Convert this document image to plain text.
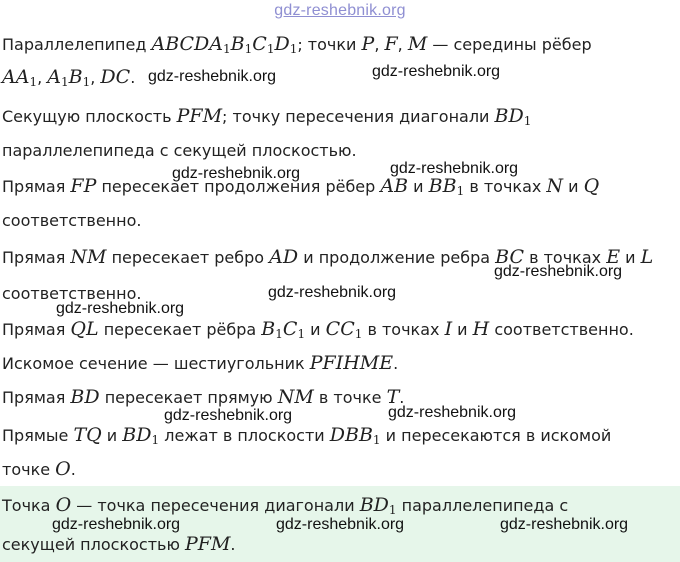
gdz-reshebnik.org
Параллелепипед $ABCDA_1B_1C_1D_1$; точки P, F, M — середины рёбер
$AA_1$, $A_1B_1$, DC.
Секущую плоскость PFM; точку пересечения диагонали $BD_1$
параллелепипеда с секущей плоскостью.
Прямая FP пересекает продолжения рёбер AB и $BB_1$ в точках N и Q
соответственно.
Прямая NM пересекает ребро AD и продолжение ребра BC в точках E и L
соответственно.
Прямая QL пересекает рёбра $B_1C_1$ и $CC_1$ в точках I и H соответственно.
Искомое сечение — шестиугольник PFIHME.
Прямая BD пересекает прямую NM в точке T.
Прямые TQ и $BD_1$ лежат в плоскости $DBB_1$ и пересекаются в искомой
точке O.
Точка O — точка пересечения диагонали $BD_1$ параллелепипеда с
секущей плоскостью PFM.
gdz-reshebnik.org	gdz-reshebnik.org
gdz-reshebnik.org
gdz-reshebnik.org
gdz-reshebnik.org
gdz-reshebnik.org
gdz-reshebnik.org
gdz-reshebnik.org	gdz-reshebnik.org
gdz-reshebnik.org	gdz-reshebnik.org	gdz-reshebnik.org
